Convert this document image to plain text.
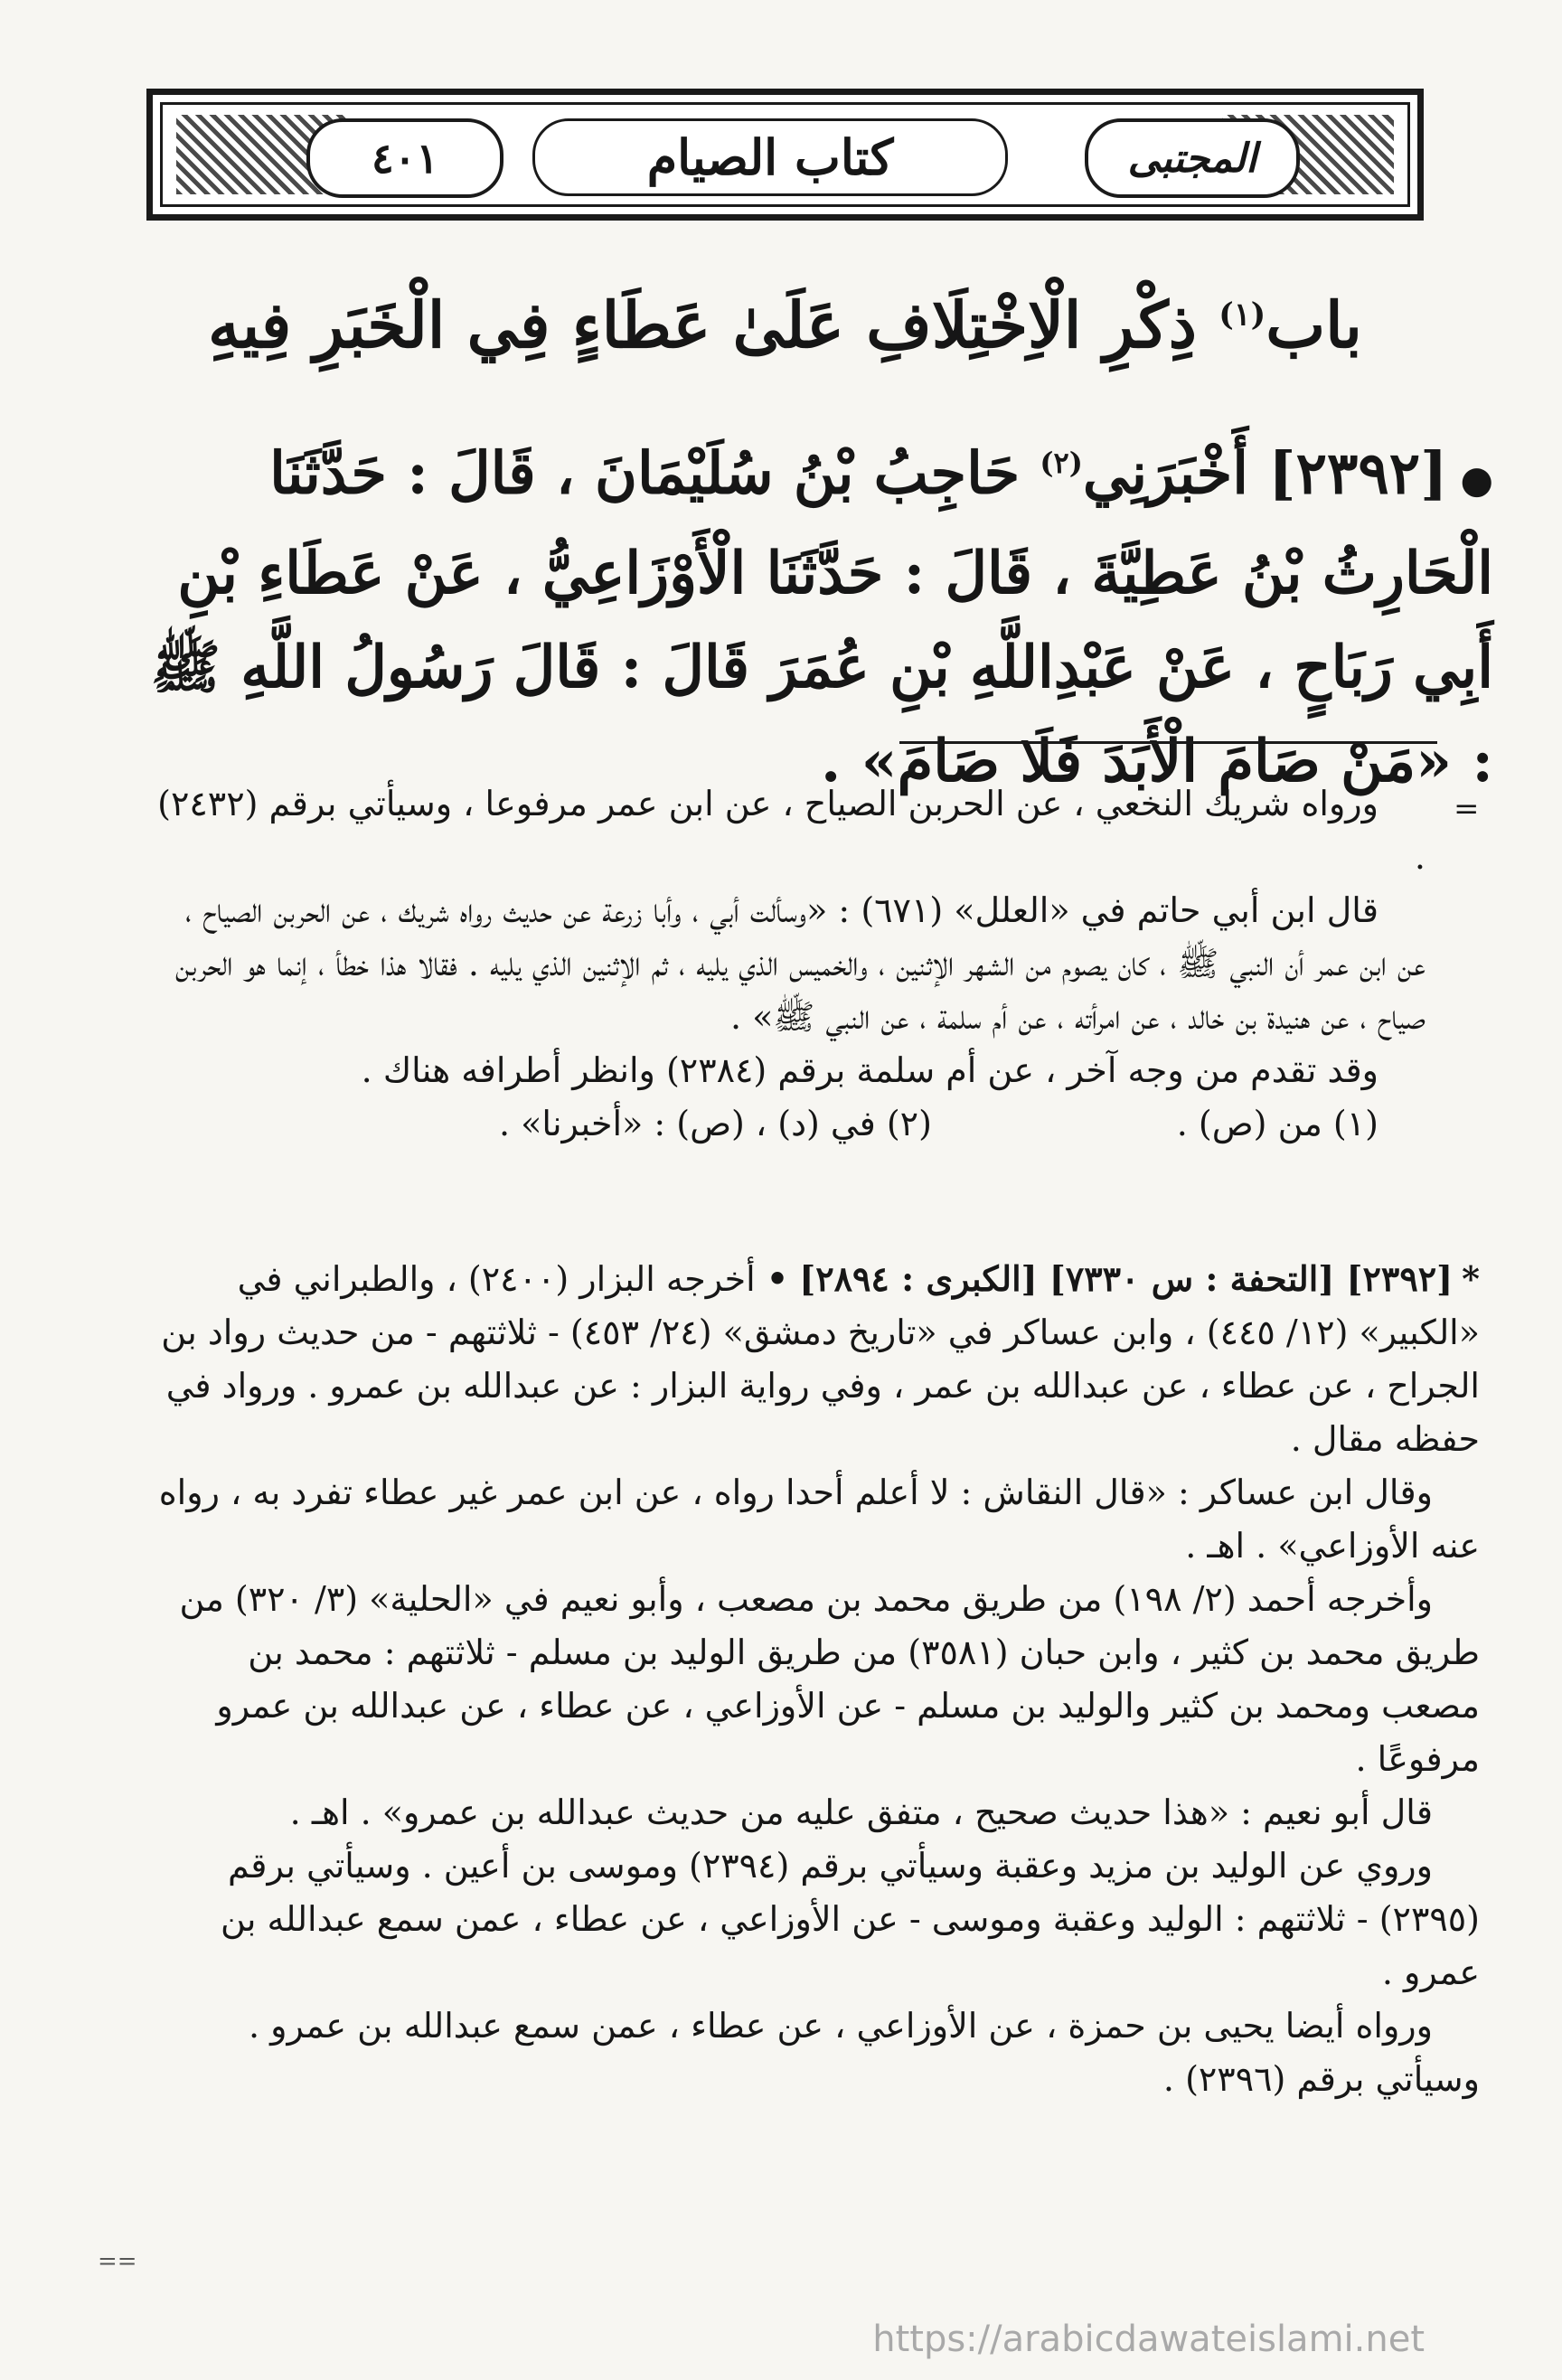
٤٠١	كتاب الصيام	المجتبى
باب$^{(١)}$ ذِكْرِ الْاِخْتِلَافِ عَلَىٰ عَطَاءٍ فِي الْخَبَرِ فِيهِ
●[٢٣٩٢] أَخْبَرَنِي$^{(٢)}$ حَاجِبُ بْنُ سُلَيْمَانَ ، قَالَ : حَدَّثَنَا الْحَارِثُ بْنُ عَطِيَّةَ ، قَالَ : حَدَّثَنَا الْأَوْزَاعِيُّ ، عَنْ عَطَاءِ بْنِ أَبِي رَبَاحٍ ، عَنْ عَبْدِاللَّهِ بْنِ عُمَرَ قَالَ : قَالَ رَسُولُ اللَّهِ ﷺ : «مَنْ صَامَ الْأَبَدَ فَلَا صَامَ» .
=

ورواه شريك النخعي ، عن الحربن الصياح ، عن ابن عمر مرفوعا ، وسيأتي برقم (٢٤٣٢) .

قال ابن أبي حاتم في «العلل» (٦٧١) : «وسألت أبي ، وأبا زرعة عن حديث رواه شريك ، عن الحربن الصياح ، عن ابن عمر أن النبي ﷺ ، كان يصوم من الشهر الإثنين ، والخميس الذي يليه ، ثم الإثنين الذي يليه . فقالا هذا خطأ ، إنما هو الحربن صياح ، عن هنيدة بن خالد ، عن امرأته ، عن أم سلمة ، عن النبي ﷺ» .

وقد تقدم من وجه آخر ، عن أم سلمة برقم (٢٣٨٤) وانظر أطرافه هناك .

(١) من (ص) .
(٢) في (د) ، (ص) : «أخبرنا» .

*[٢٣٩٢] [التحفة : س ٧٣٣٠] [الكبرى : ٢٨٩٤] • أخرجه البزار (٢٤٠٠) ، والطبراني في «الكبير» (١٢/ ٤٤٥) ، وابن عساكر في «تاريخ دمشق» (٢٤/ ٤٥٣) - ثلاثتهم - من حديث رواد بن الجراح ، عن عطاء ، عن عبدالله بن عمر ، وفي رواية البزار : عن عبدالله بن عمرو . ورواد في حفظه مقال .

وقال ابن عساكر : «قال النقاش : لا أعلم أحدا رواه ، عن ابن عمر غير عطاء تفرد به ، رواه عنه الأوزاعي» . اهـ .

وأخرجه أحمد (٢/ ١٩٨) من طريق محمد بن مصعب ، وأبو نعيم في «الحلية» (٣/ ٣٢٠) من طريق محمد بن كثير ، وابن حبان (٣٥٨١) من طريق الوليد بن مسلم - ثلاثتهم : محمد بن مصعب ومحمد بن كثير والوليد بن مسلم - عن الأوزاعي ، عن عطاء ، عن عبدالله بن عمرو مرفوعًا .

قال أبو نعيم : «هذا حديث صحيح ، متفق عليه من حديث عبدالله بن عمرو» . اهـ .

وروي عن الوليد بن مزيد وعقبة وسيأتي برقم (٢٣٩٤) وموسى بن أعين . وسيأتي برقم (٢٣٩٥) - ثلاثتهم : الوليد وعقبة وموسى - عن الأوزاعي ، عن عطاء ، عمن سمع عبدالله بن عمرو .

ورواه أيضا يحيى بن حمزة ، عن الأوزاعي ، عن عطاء ، عمن سمع عبدالله بن عمرو . وسيأتي برقم (٢٣٩٦) .

==
https://arabicdawateislami.net
